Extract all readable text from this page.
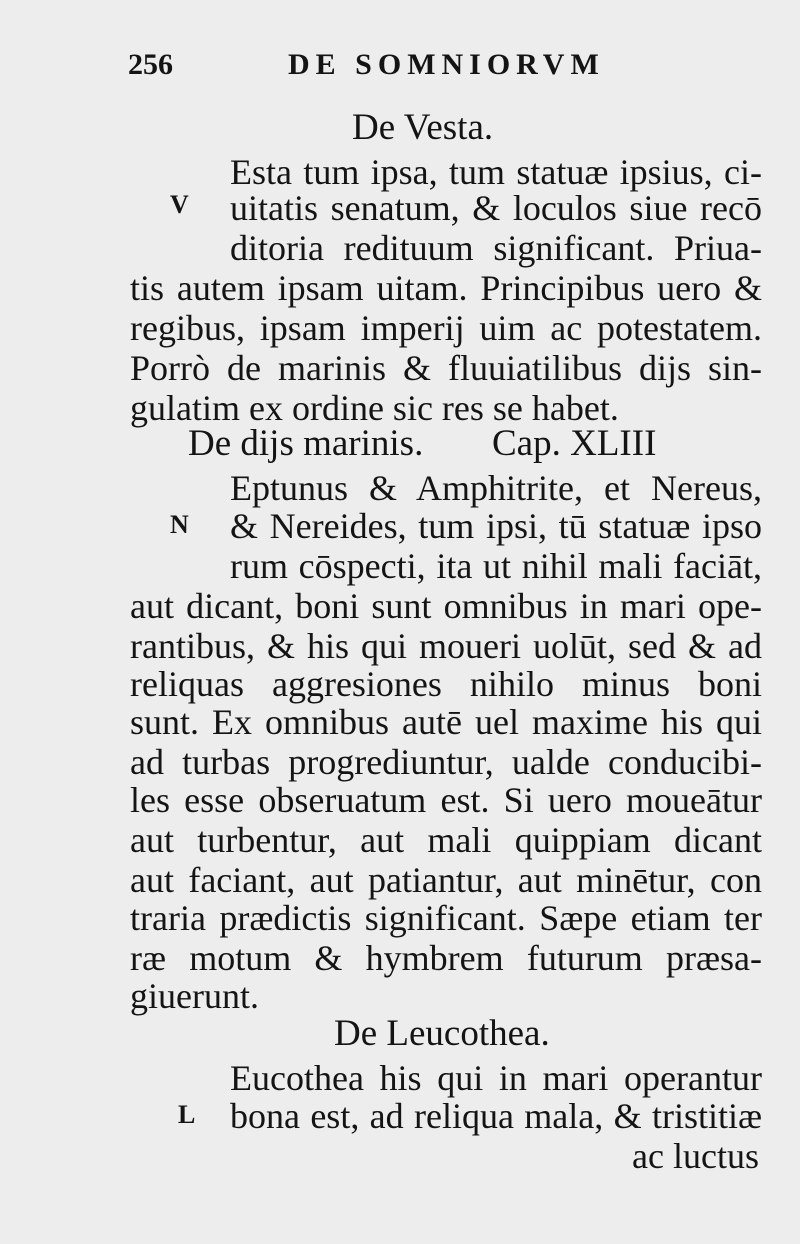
256	DE SOMNIORVM
De Vesta.
Esta tum ipsa, tum statuæ ipsius, ci-
V uitatis senatum, & loculos siue recō
ditoria redituum significant. Priua-
tis autem ipsam uitam. Principibus uero &
regibus, ipsam imperij uim ac potestatem.
Porrò de marinis & fluuiatilibus dijs sin-
gulatim ex ordine sic res se habet.
De dijs marinis. Cap. XLIII
Eptunus & Amphitrite, et Nereus,
N & Nereides, tum ipsi, tū statuæ ipso
rum cōspecti, ita ut nihil mali faciāt,
aut dicant, boni sunt omnibus in mari ope-
rantibus, & his qui moueri uolūt, sed & ad
reliquas aggresiones nihilo minus boni
sunt. Ex omnibus autē uel maxime his qui
ad turbas progrediuntur, ualde conducibi-
les esse obseruatum est. Si uero moueātur
aut turbentur, aut mali quippiam dicant
aut faciant, aut patiantur, aut minētur, con
traria prædictis significant. Sæpe etiam ter
ræ motum & hymbrem futurum præsa-
giuerunt.
De Leucothea.
Eucothea his qui in mari operantur
L bona est, ad reliqua mala, & tristitiæ
ac luctus
